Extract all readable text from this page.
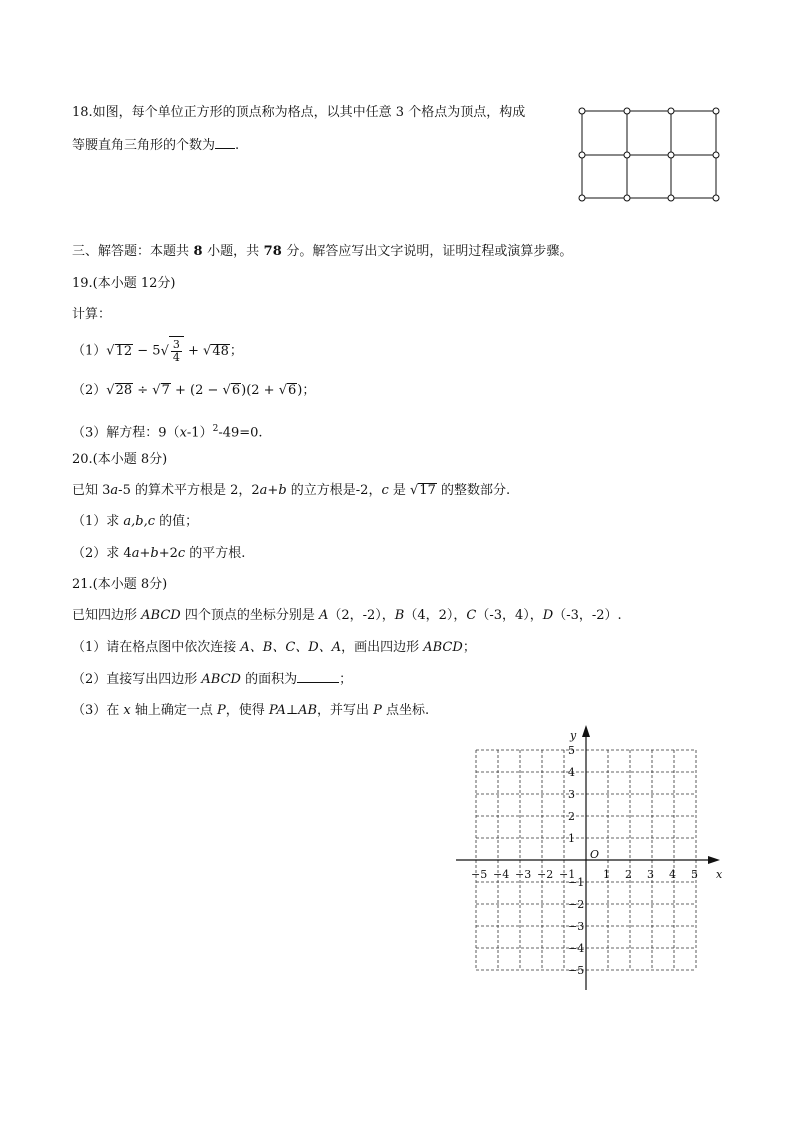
18.如图，每个单位正方形的顶点称为格点，以其中任意 3 个格点为顶点，构成
等腰直角三角形的个数为 .
三、解答题：本题共 8 小题，共 78 分。解答应写出文字说明，证明过程或演算步骤。
19.(本小题 12分)
计算：
$(1)√12 - 5√ \frac{3}{4} + √48$；
（2）√28 ÷ √7 + (2 − √6)(2 + √6)；
（3）解方程：$9(x-1)^2-49=0$.
20.(本小题 8分)
已知 3a-5 的算术平方根是 2，2a+b 的立方根是-2，c 是 √17 的整数部分.
（1）求 a,b,c 的值；
（2）求 4a+b+2c 的平方根.
21.(本小题 8分)
已知四边形 ABCD 四个顶点的坐标分别是 A（2，-2），B（4，2），C（-3，4），D（-3，-2）.
（1）请在格点图中依次连接 A、B、C、D、A，画出四边形 ABCD；
（2）直接写出四边形 ABCD 的面积为	；
（3）在 x 轴上确定一点 P，使得 PA⊥AB，并写出 P 点坐标.
−5 −4 −3 −2 −1	1 2 3 4 5
5
4
3
2
1
−1
−2
−3
−4
−5
O
x
y
